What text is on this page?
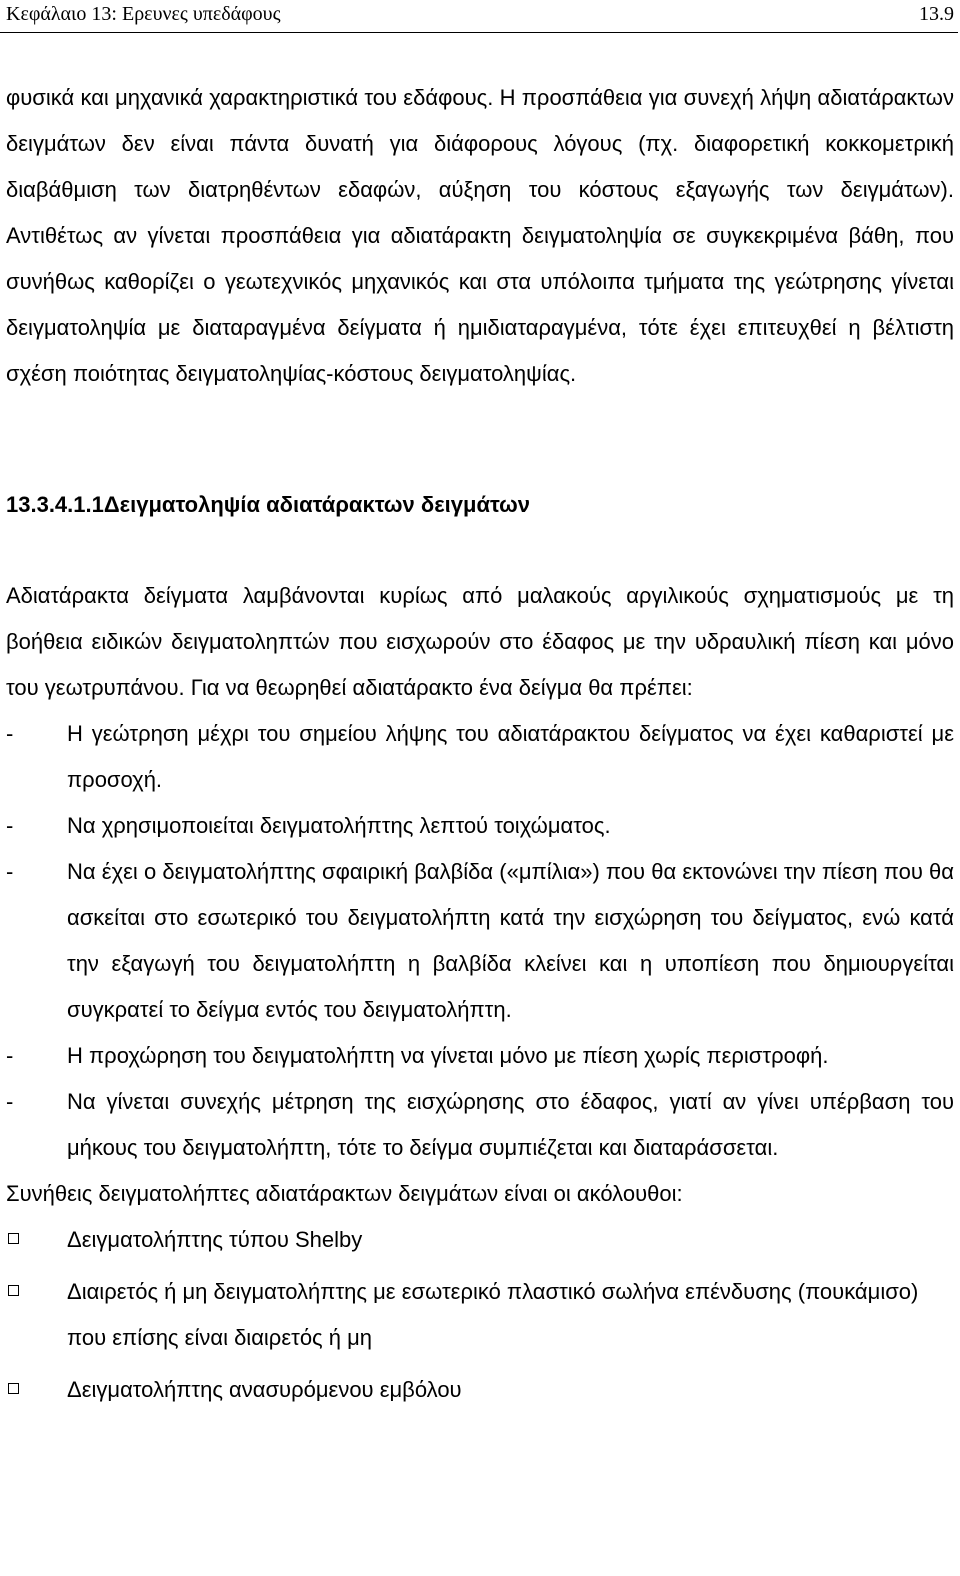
Κεφάλαιο 13: Ερευνες υπεδάφους	13.9

φυσικά και μηχανικά χαρακτηριστικά του εδάφους. Η προσπάθεια για συνεχή λήψη αδιατάρακτων δειγμάτων δεν είναι πάντα δυνατή για διάφορους λόγους (πχ. διαφορετική κοκκομετρική διαβάθμιση των διατρηθέντων εδαφών, αύξηση του κόστους εξαγωγής των δειγμάτων). Αντιθέτως αν γίνεται προσπάθεια για αδιατάρακτη δειγματοληψία σε συγκεκριμένα βάθη, που συνήθως καθορίζει ο γεωτεχνικός μηχανικός και στα υπόλοιπα τμήματα της γεώτρησης γίνεται δειγματοληψία με διαταραγμένα δείγματα ή ημιδιαταραγμένα, τότε έχει επιτευχθεί η βέλτιστη σχέση ποιότητας δειγματοληψίας-κόστους δειγματοληψίας.

13.3.4.1.1Δειγματοληψία αδιατάρακτων δειγμάτων

Αδιατάρακτα δείγματα λαμβάνονται κυρίως από μαλακούς αργιλικούς σχηματισμούς με τη βοήθεια ειδικών δειγματοληπτών που εισχωρούν στο έδαφος με την υδραυλική πίεση και μόνο του γεωτρυπάνου. Για να θεωρηθεί αδιατάρακτο ένα δείγμα θα πρέπει:

- Η γεώτρηση μέχρι του σημείου λήψης του αδιατάρακτου δείγματος να έχει καθαριστεί με προσοχή.
- Να χρησιμοποιείται δειγματολήπτης λεπτού τοιχώματος.
- Να έχει ο δειγματολήπτης σφαιρική βαλβίδα («μπίλια») που θα εκτονώνει την πίεση που θα ασκείται στο εσωτερικό του δειγματολήπτη κατά την εισχώρηση του δείγματος, ενώ κατά την εξαγωγή του δειγματολήπτη η βαλβίδα κλείνει και η υποπίεση που δημιουργείται συγκρατεί το δείγμα εντός του δειγματολήπτη.
- Η προχώρηση του δειγματολήπτη να γίνεται μόνο με πίεση χωρίς περιστροφή.
- Να γίνεται συνεχής μέτρηση της εισχώρησης στο έδαφος, γιατί αν γίνει υπέρβαση του μήκους του δειγματολήπτη, τότε το δείγμα συμπιέζεται και διαταράσσεται.

Συνήθεις δειγματολήπτες αδιατάρακτων δειγμάτων είναι οι ακόλουθοι:

Δειγματολήπτης τύπου Shelby
Διαιρετός ή μη δειγματολήπτης με εσωτερικό πλαστικό σωλήνα επένδυσης (πουκάμισο) που επίσης είναι διαιρετός ή μη
Δειγματολήπτης ανασυρόμενου εμβόλου
